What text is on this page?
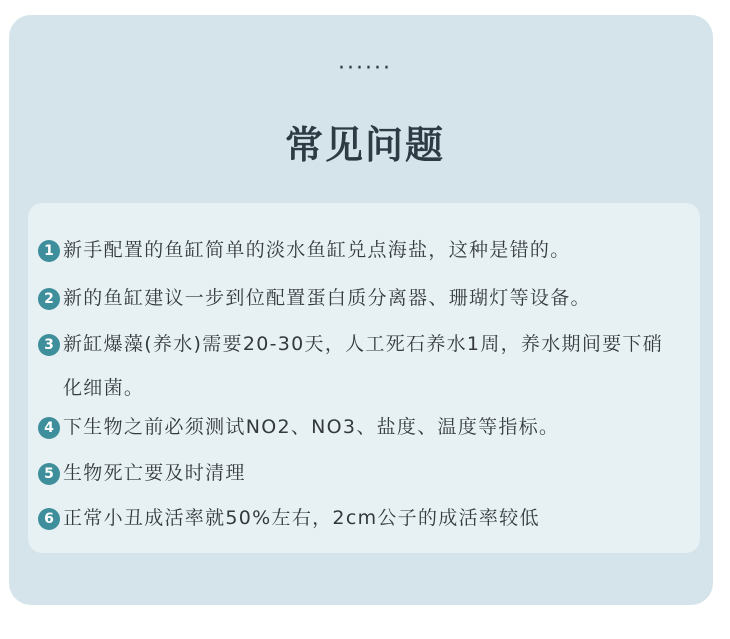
······
常见问题
1 新手配置的鱼缸简单的淡水鱼缸兑点海盐，这种是错的。
2 新的鱼缸建议一步到位配置蛋白质分离器、珊瑚灯等设备。
3 新缸爆藻(养水)需要20-30天，人工死石养水1周，养水期间要下硝化细菌。
4 下生物之前必须测试NO2、NO3、盐度、温度等指标。
5 生物死亡要及时清理
6 正常小丑成活率就50%左右，2cm公子的成活率较低
